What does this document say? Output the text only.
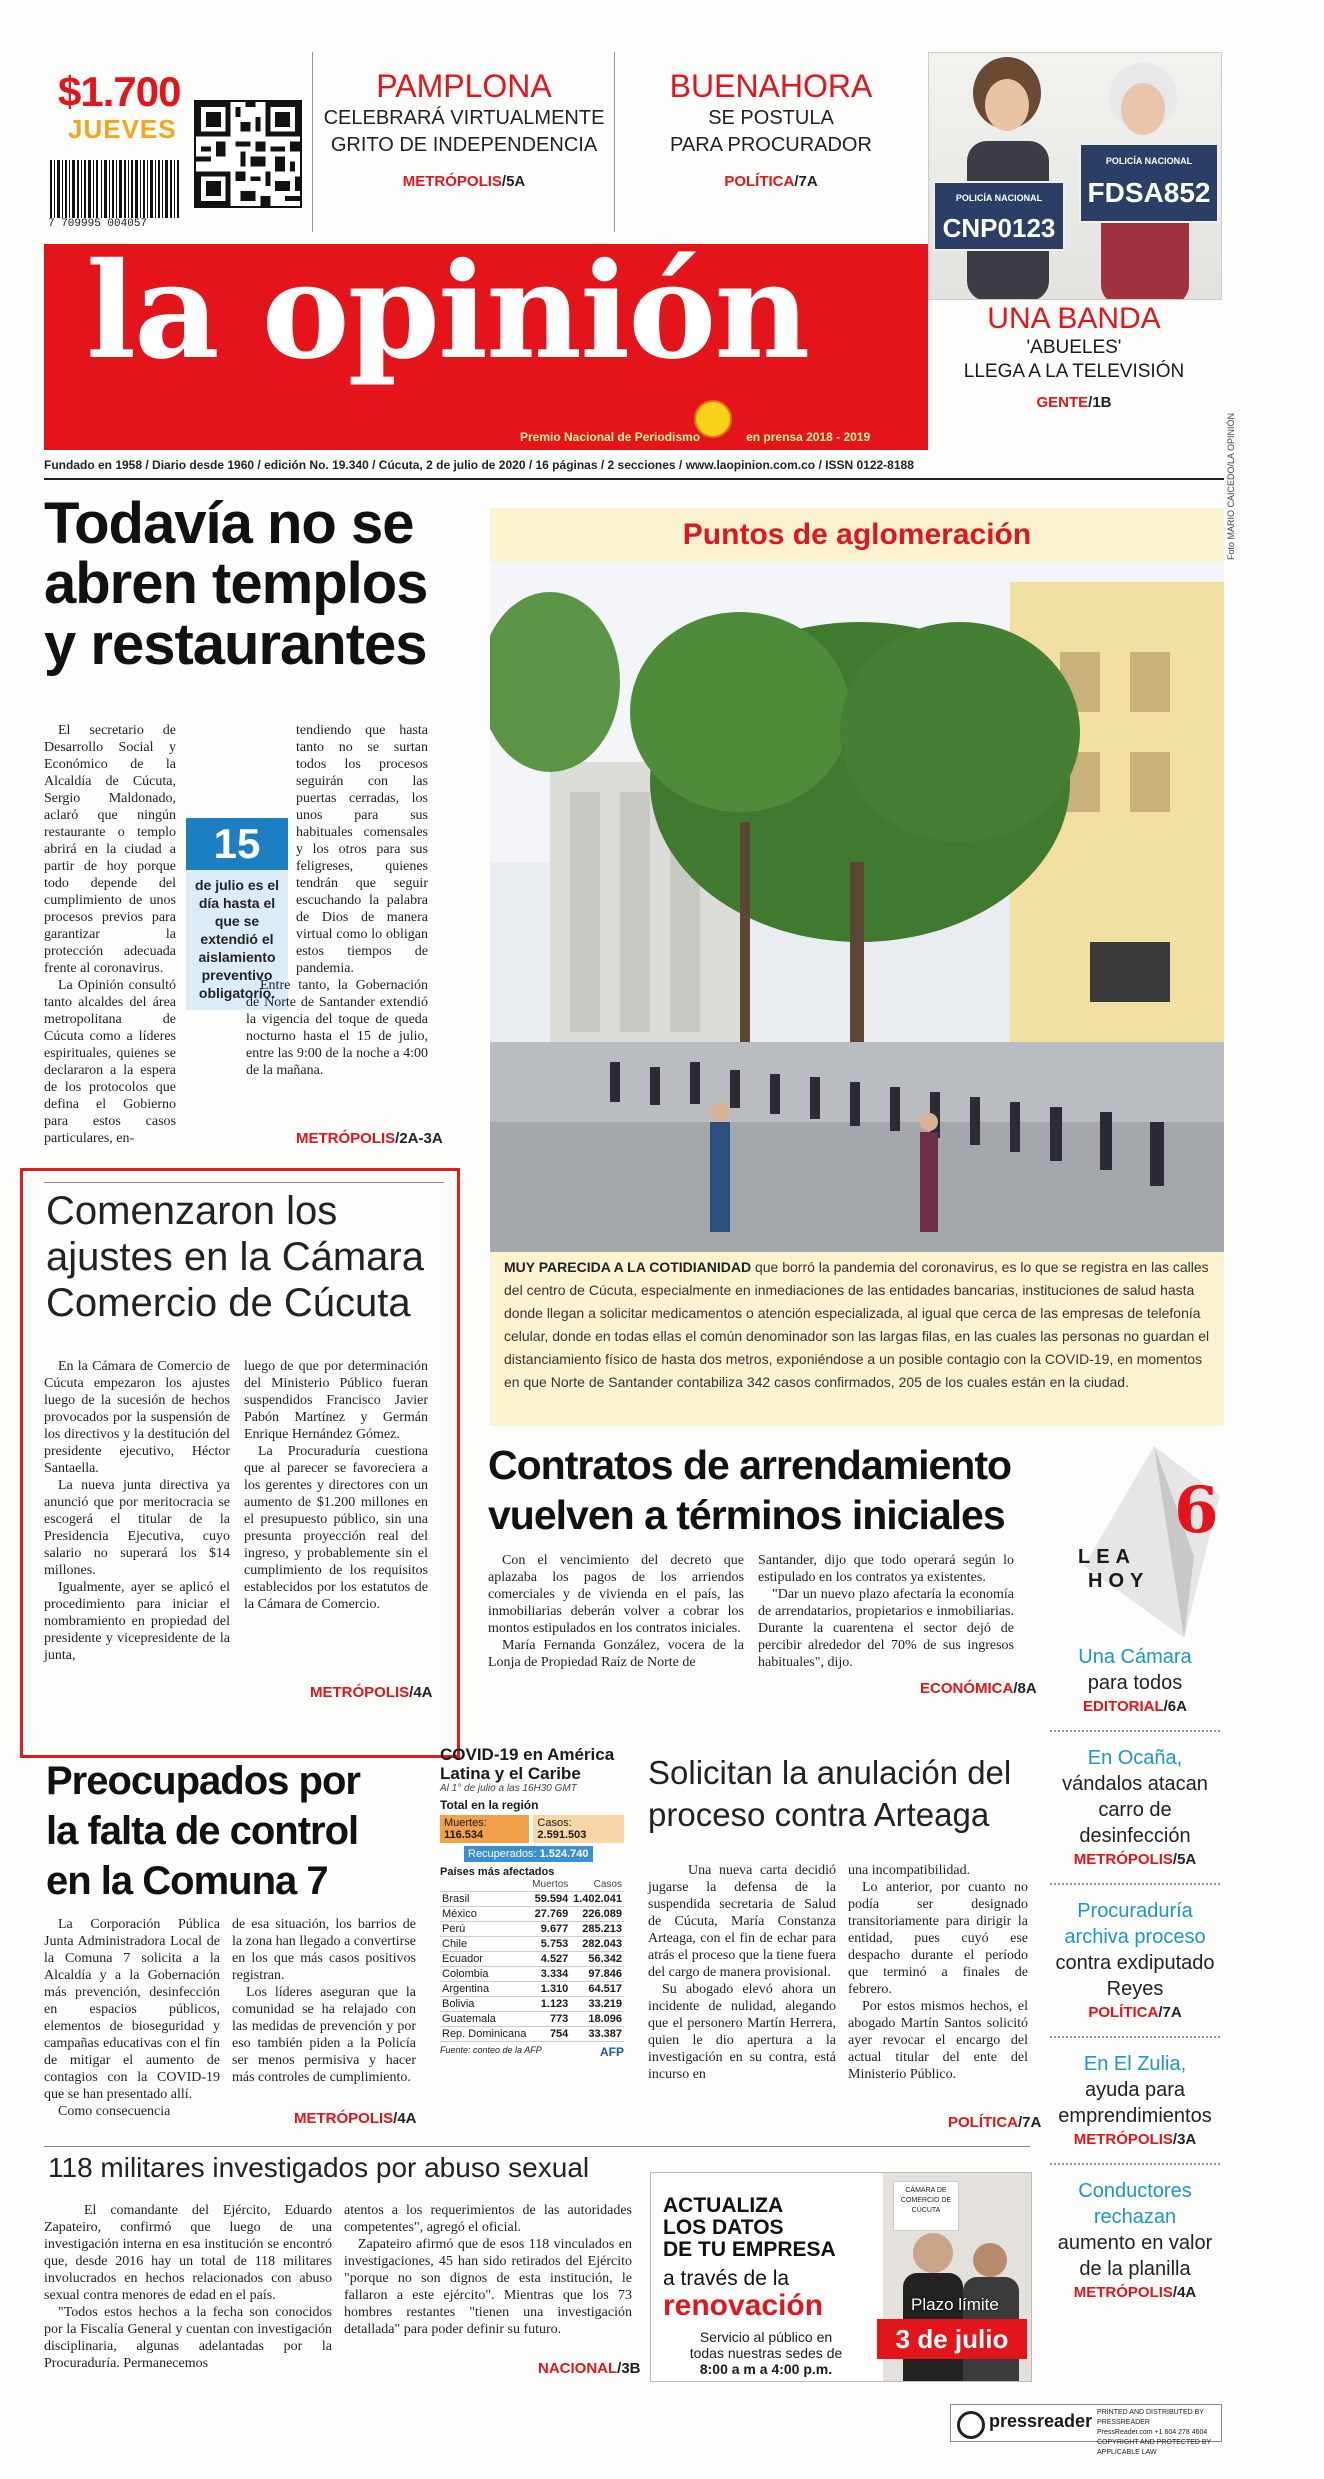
$1.700
JUEVES
7 709995 004057
PAMPLONA
CELEBRARÁ VIRTUALMENTE
GRITO DE INDEPENDENCIA
METRÓPOLIS/5A
BUENAHORA
SE POSTULA
PARA PROCURADOR
POLÍTICA/7A
la opinión
Premio Nacional de Periodismo	en prensa 2018 - 2019
POLICÍA NACIONAL
CNP0123
POLICÍA NACIONAL
FDSA852
UNA BANDA
'ABUELES'
LLEGA A LA TELEVISIÓN
GENTE/1B
Fundado en 1958 / Diario desde 1960 / edición No. 19.340 / Cúcuta, 2 de julio de 2020 / 16 páginas / 2 secciones / www.laopinion.com.co / ISSN 0122-8188
Todavía no se
abren templos
y restaurantes

El secretario de Desarrollo Social y Económico de la Alcaldía de Cúcuta, Sergio Maldonado, aclaró que ningún restaurante o templo abrirá en la ciudad a partir de hoy porque todo depende del cumplimiento de unos procesos previos para garantizar la protección adecuada frente al coronavirus.

La Opinión consultó tanto alcaldes del área metropolitana de Cúcuta como a líderes espirituales, quienes se declararon a la espera de los protocolos que defina el Gobierno para estos casos particulares, en-

15
de julio es el día hasta el que se extendió el aislamiento preventivo obligatorio.

tendiendo que hasta tanto no se surtan todos los procesos seguirán con las puertas cerradas, los unos para sus habituales comensales y los otros para sus feligreses, quienes tendrán que seguir escuchando la palabra de Dios de manera virtual como lo obligan estos tiempos de pandemia.

Entre tanto, la Gobernación de Norte de Santander extendió la vigencia del toque de queda nocturno hasta el 15 de julio, entre las 9:00 de la noche a 4:00 de la mañana.

METRÓPOLIS/2A-3A
Puntos de aglomeración
MUY PARECIDA A LA COTIDIANIDAD que borró la pandemia del coronavirus, es lo que se registra en las calles del centro de Cúcuta, especialmente en inmediaciones de las entidades bancarias, instituciones de salud hasta donde llegan a solicitar medicamentos o atención especializada, al igual que cerca de las empresas de telefonía celular, donde en todas ellas el común denominador son las largas filas, en las cuales las personas no guardan el distanciamiento físico de hasta dos metros, exponiéndose a un posible contagio con la COVID-19, en momentos en que Norte de Santander contabiliza 342 casos confirmados, 205 de los cuales están en la ciudad.
Foto MARIO CAICEDO/LA OPINIÓN
Comenzaron los
ajustes en la Cámara
Comercio de Cúcuta

En la Cámara de Comercio de Cúcuta empezaron los ajustes luego de la sucesión de hechos provocados por la suspensión de los directivos y la destitución del presidente ejecutivo, Héctor Santaella.

La nueva junta directiva ya anunció que por meritocracia se escogerá el titular de la Presidencia Ejecutiva, cuyo salario no superará los $14 millones.

Igualmente, ayer se aplicó el procedimiento para iniciar el nombramiento en propiedad del presidente y vicepresidente de la junta,

luego de que por determinación del Ministerio Público fueran suspendidos Francisco Javier Pabón Martínez y Germán Enrique Hernández Gómez.

La Procuraduría cuestiona que al parecer se favoreciera a los gerentes y directores con un aumento de $1.200 millones en el presupuesto público, sin una presunta proyección real del ingreso, y probablemente sin el cumplimiento de los requisitos establecidos por los estatutos de la Cámara de Comercio.

METRÓPOLIS/4A
Contratos de arrendamiento
vuelven a términos iniciales

Con el vencimiento del decreto que aplazaba los pagos de los arriendos comerciales y de vivienda en el país, las inmobiliarias deberán volver a cobrar los montos estipulados en los contratos iniciales.

María Fernanda González, vocera de la Lonja de Propiedad Raíz de Norte de

Santander, dijo que todo operará según lo estipulado en los contratos ya existentes.

"Dar un nuevo plazo afectaría la economía de arrendatarios, propietarios e inmobiliarias. Durante la cuarentena el sector dejó de percibir alrededor del 70% de sus ingresos habituales", dijo.

ECONÓMICA/8A
6
LEA
HOY
Una Cámara
para todos
EDITORIAL/6A
En Ocaña,
vándalos atacan carro de desinfección
METRÓPOLIS/5A
Procuraduría archiva proceso
contra exdiputado Reyes
POLÍTICA/7A
En El Zulia,
ayuda para emprendimientos
METRÓPOLIS/3A
Conductores rechazan
aumento en valor de la planilla
METRÓPOLIS/4A
Preocupados por
la falta de control
en la Comuna 7

La Corporación Pública Junta Administradora Local de la Comuna 7 solicita a la Alcaldía y a la Gobernación más prevención, desinfección en espacios públicos, elementos de bioseguridad y campañas educativas con el fin de mitigar el aumento de contagios con la COVID-19 que se han presentado allí.

Como consecuencia

de esa situación, los barrios de la zona han llegado a convertirse en los que más casos positivos registran.

Los líderes aseguran que la comunidad se ha relajado con las medidas de prevención y por eso también piden a la Policía ser menos permisiva y hacer más controles de cumplimiento.

METRÓPOLIS/4A
COVID-19 en América
Latina y el Caribe
Al 1° de julio a las 16H30 GMT
Total en la región
Muertes: 116.534
Casos: 2.591.503
Recuperados: 1.524.740
Países más afectados
	Muertos	Casos
Brasil	59.594	1.402.041
México	27.769	226.089
Perú	9.677	285.213
Chile	5.753	282.043
Ecuador	4.527	56.342
Colombia	3.334	97.846
Argentina	1.310	64.517
Bolivia	1.123	33.219
Guatemala	773	18.096
Rep. Dominicana	754	33.387
Fuente: conteo de la AFP	AFP
Solicitan la anulación del
proceso contra Arteaga

Una nueva carta decidió jugarse la defensa de la suspendida secretaria de Salud de Cúcuta, María Constanza Arteaga, con el fin de echar para atrás el proceso que la tiene fuera del cargo de manera provisional.

Su abogado elevó ahora un incidente de nulidad, alegando que el personero Martín Herrera, quien le dio apertura a la investigación en su contra, está incurso en

una incompatibilidad.

Lo anterior, por cuanto no podía ser designado transitoriamente para dirigir la entidad, pues cuyó ese despacho durante el período que terminó a finales de febrero.

Por estos mismos hechos, el abogado Martín Santos solicitó ayer revocar el encargo del actual titular del ente del Ministerio Público.

POLÍTICA/7A
118 militares investigados por abuso sexual

El comandante del Ejército, Eduardo Zapateiro, confirmó que luego de una investigación interna en esa institución se encontró que, desde 2016 hay un total de 118 militares involucrados en hechos relacionados con abuso sexual contra menores de edad en el país.

"Todos estos hechos a la fecha son conocidos por la Fiscalía General y cuentan con investigación disciplinaria, algunas adelantadas por la Procuraduría. Permanecemos

atentos a los requerimientos de las autoridades competentes", agregó el oficial.

Zapateiro afirmó que de esos 118 vinculados en investigaciones, 45 han sido retirados del Ejército "porque no son dignos de esta institución, le fallaron a este ejército". Mientras que los 73 hombres restantes "tienen una investigación detallada" para poder definir su futuro.

NACIONAL/3B
ACTUALIZA
LOS DATOS
DE TU EMPRESA
a través de la
renovación
Servicio al público en
todas nuestras sedes de
8:00 a m a 4:00 p.m.
CÁMARA DE COMERCIO DE CÚCUTA
Plazo límite
3 de julio
pressreader PRINTED AND DISTRIBUTED BY PRESSREADER
PressReader.com +1 604 278 4604
COPYRIGHT AND PROTECTED BY APPLICABLE LAW
